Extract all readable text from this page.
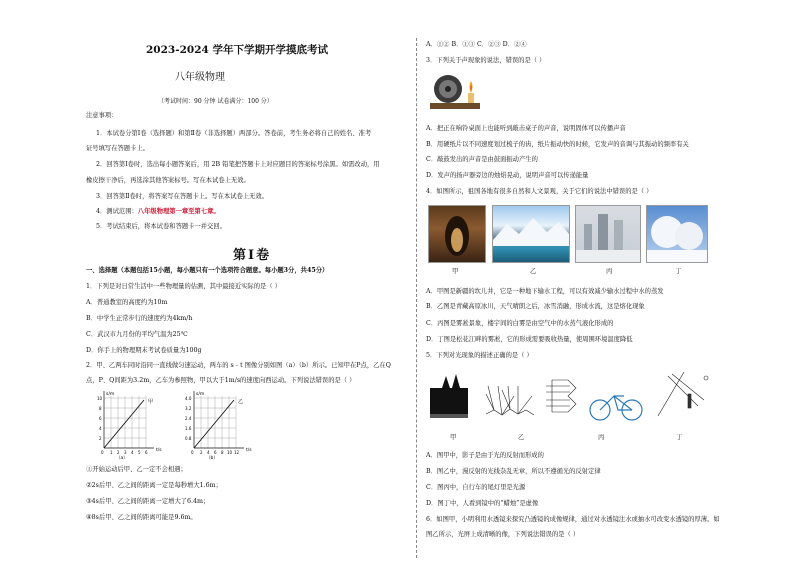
2023-2024 学年下学期开学摸底考试
八年级物理
（考试时间：90 分钟 试卷满分：100 分）
注意事项：
1．本试卷分第Ⅰ卷（选择题）和第Ⅱ卷（非选择题）两部分。答卷前，考生务必将自己的姓名、准考
证号填写在答题卡上。
2．回答第Ⅰ卷时，选出每小题答案后，用 2B 铅笔把答题卡上对应题目的答案标号涂黑。如需改动，用
橡皮擦干净后，再选涂其他答案标号。写在本试卷上无效。
3．回答第Ⅱ卷时，将答案写在答题卡上。写在本试卷上无效。
4．测试范围：八年级物理第一章至第七章。
5．考试结束后，将本试卷和答题卡一并交回。
第Ⅰ卷
一、选择题（本题包括15小题，每小题只有一个选项符合题意。每小题3分，共45分）
1．下列是对日常生活中一些物理量的估测，其中最接近实际的是（ ）
A．普通教室的高度约为10m
B．中学生正常步行的速度约为4km/h
C．武汉市九月份的平均气温为25℃
D．你手上的物理期末考试卷质量为100g
2．甲、乙两车同时沿同一直线做匀速运动，两车的 s﹣t 图像分别如图（a）（b）所示。已知甲在P点，乙在Q
点，P、Q间距为3.2m，乙车为参照物，甲以大于1m/s的速度向西运动。下列说法错误的是（ ）
s/m
甲
t/s
10
8
6
4
2
0 1 2 3 4 5 6
（a）
s/m
乙
t/s
4.0
3.2
2.4
1.6
0.8
0 2 4 6 8 10 12
（b）
①开始运动后甲、乙一定不会相遇；
②2s后甲、乙之间的距离一定是每秒增大1.6m；
③4s后甲、乙之间的距离一定增大了6.4m；
④8s后甲、乙之间的距离可能是9.6m。
A．①② B．①③ C．②③ D．②④
3．下列关于声现象的说法，错误的是（ ）
A．把正在响铃桌面上也能听到敲击桌子的声音，说明固体可以传播声音
B．用硬纸片以不同速度划过梳子的齿，纸片振动快的时候，它发声的音调与其振动的频率有关
C．敲鼓发出的声音是由鼓面振动产生的
D．发声的扬声器旁边的烛焰晃动，说明声音可以传递能量
4．如图所示，祖国各地有很多自然和人文景观，关于它们的说法中错误的是（ ）
甲	乙	丙	丁
A．甲图是新疆的坎儿井，它是一种地下输水工程，可以有效减少输水过程中水的蒸发
B．乙图是青藏高原冰川，天气晴朗之后，冰雪消融，形成水流，这是熔化现象
C．丙图是雾凇景象，楼宇间的白雾是由空气中的水蒸气液化形成的
D．丁图是松花江畔的雾凇，它的形成需要吸收热量，使周围环境温度降低
5．下列对光现象的描述正确的是（ ）
甲	乙	丙	丁
A．图甲中，影子是由于光的反射而形成的
B．图乙中，漫反射的光线杂乱无章，所以不遵循光的反射定律
C．图丙中，自行车的尾灯里是光源
D．图丁中，人看到镜中的“蜡烛”是虚像
6．如图甲，小明利用水透镜来探究凸透镜的成像规律，通过对水透镜注水或抽水可改变水透镜的厚薄。如
图乙所示，光屏上成清晰的像，下列说法错误的是（ ）
